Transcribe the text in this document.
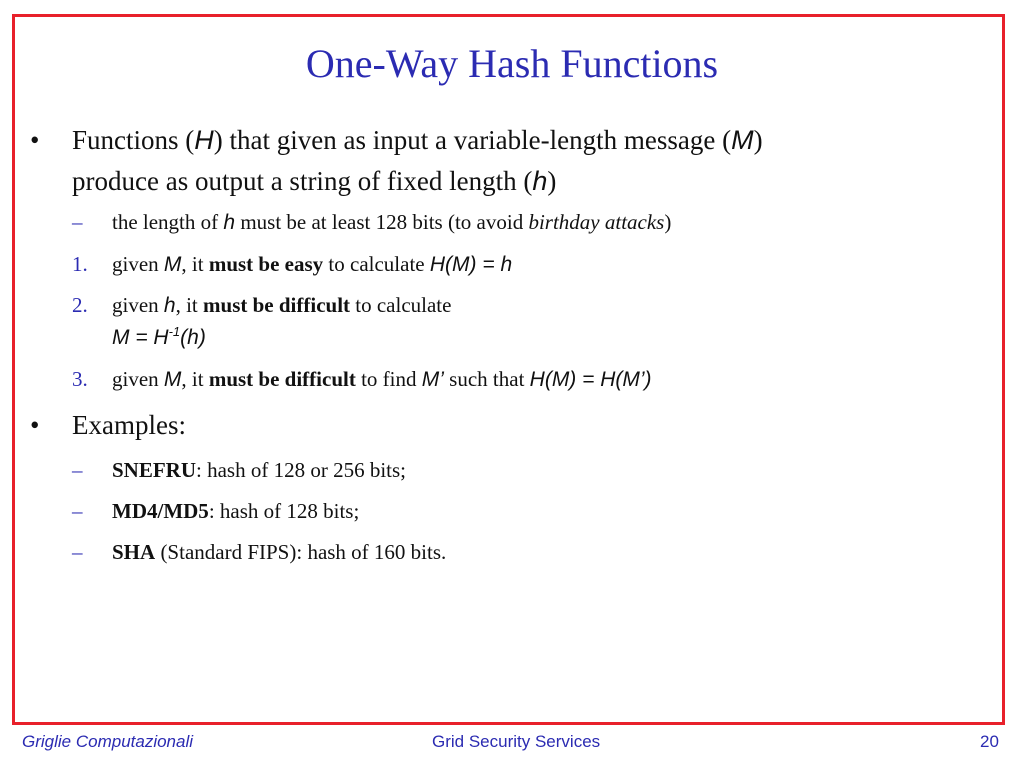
One-Way Hash Functions
• Functions (H) that given as input a variable-length message (M)
produce as output a string of fixed length (h)
– the length of h must be at least 128 bits (to avoid birthday attacks)
1. given M, it must be easy to calculate H(M) = h
2. given h, it must be difficult to calculate
$M = H^{-1}(h)$
3. given M, it must be difficult to find M’ such that H(M) = H(M’)
• Examples:
– SNEFRU: hash of 128 or 256 bits;
– MD4/MD5: hash of 128 bits;
– SHA (Standard FIPS): hash of 160 bits.
Griglie Computazionali	Grid Security Services	20
